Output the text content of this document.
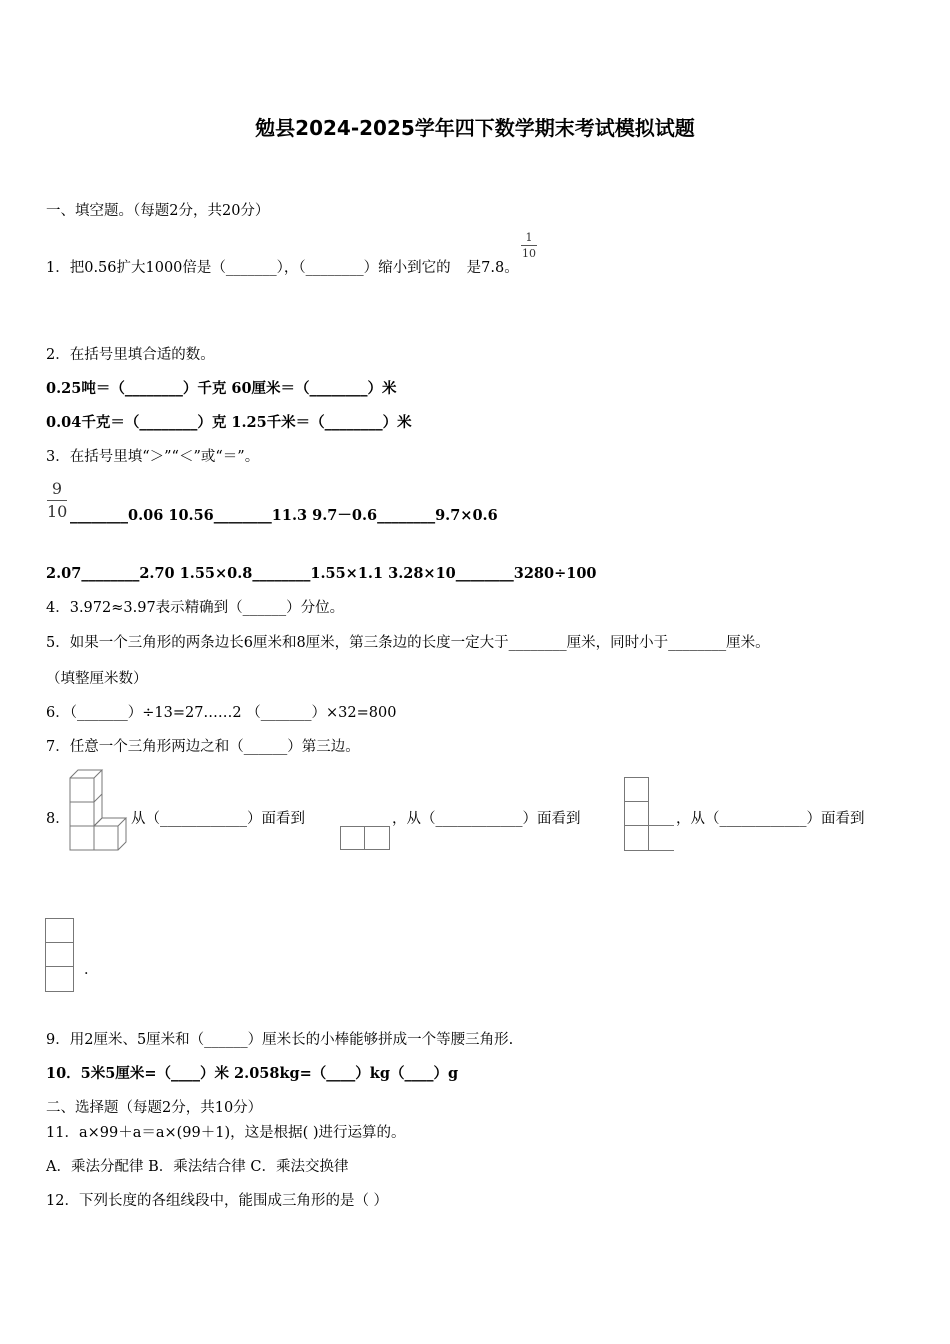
勉县2024-2025学年四下数学期末考试模拟试题
一、填空题。（每题2分，共20分）
1．把0.56扩大1000倍是（_______），（________）缩小到它的 是7.8。
1
10
2．在括号里填合适的数。
0.25吨＝（________）千克 60厘米＝（________）米
0.04千克＝（________）克 1.25千米＝（________）米
3．在括号里填“＞”“＜”或“＝”。
9
10 ________0.06 10.56________11.3 9.7－0.6________9.7×0.6
2.07________2.70 1.55×0.8________1.55×1.1 3.28×10________3280÷100
4．3.972≈3.97表示精确到（______）分位。
5．如果一个三角形的两条边长6厘米和8厘米，第三条边的长度一定大于________厘米，同时小于________厘米。
（填整厘米数）
6．（_______）÷13=27……2 （_______）×32=800
7．任意一个三角形两边之和（______）第三边。
8．	从（____________）面看到	，从（____________）面看到	，从（____________）面看到
．
9．用2厘米、5厘米和（______）厘米长的小棒能够拼成一个等腰三角形.
10．5米5厘米=（____）米 2.058kg=（____）kg（____）g
二、选择题（每题2分，共10分）
11．a×99＋a＝a×(99＋1)，这是根据( )进行运算的。
A．乘法分配律 B．乘法结合律 C．乘法交换律
12．下列长度的各组线段中，能围成三角形的是（ ）
